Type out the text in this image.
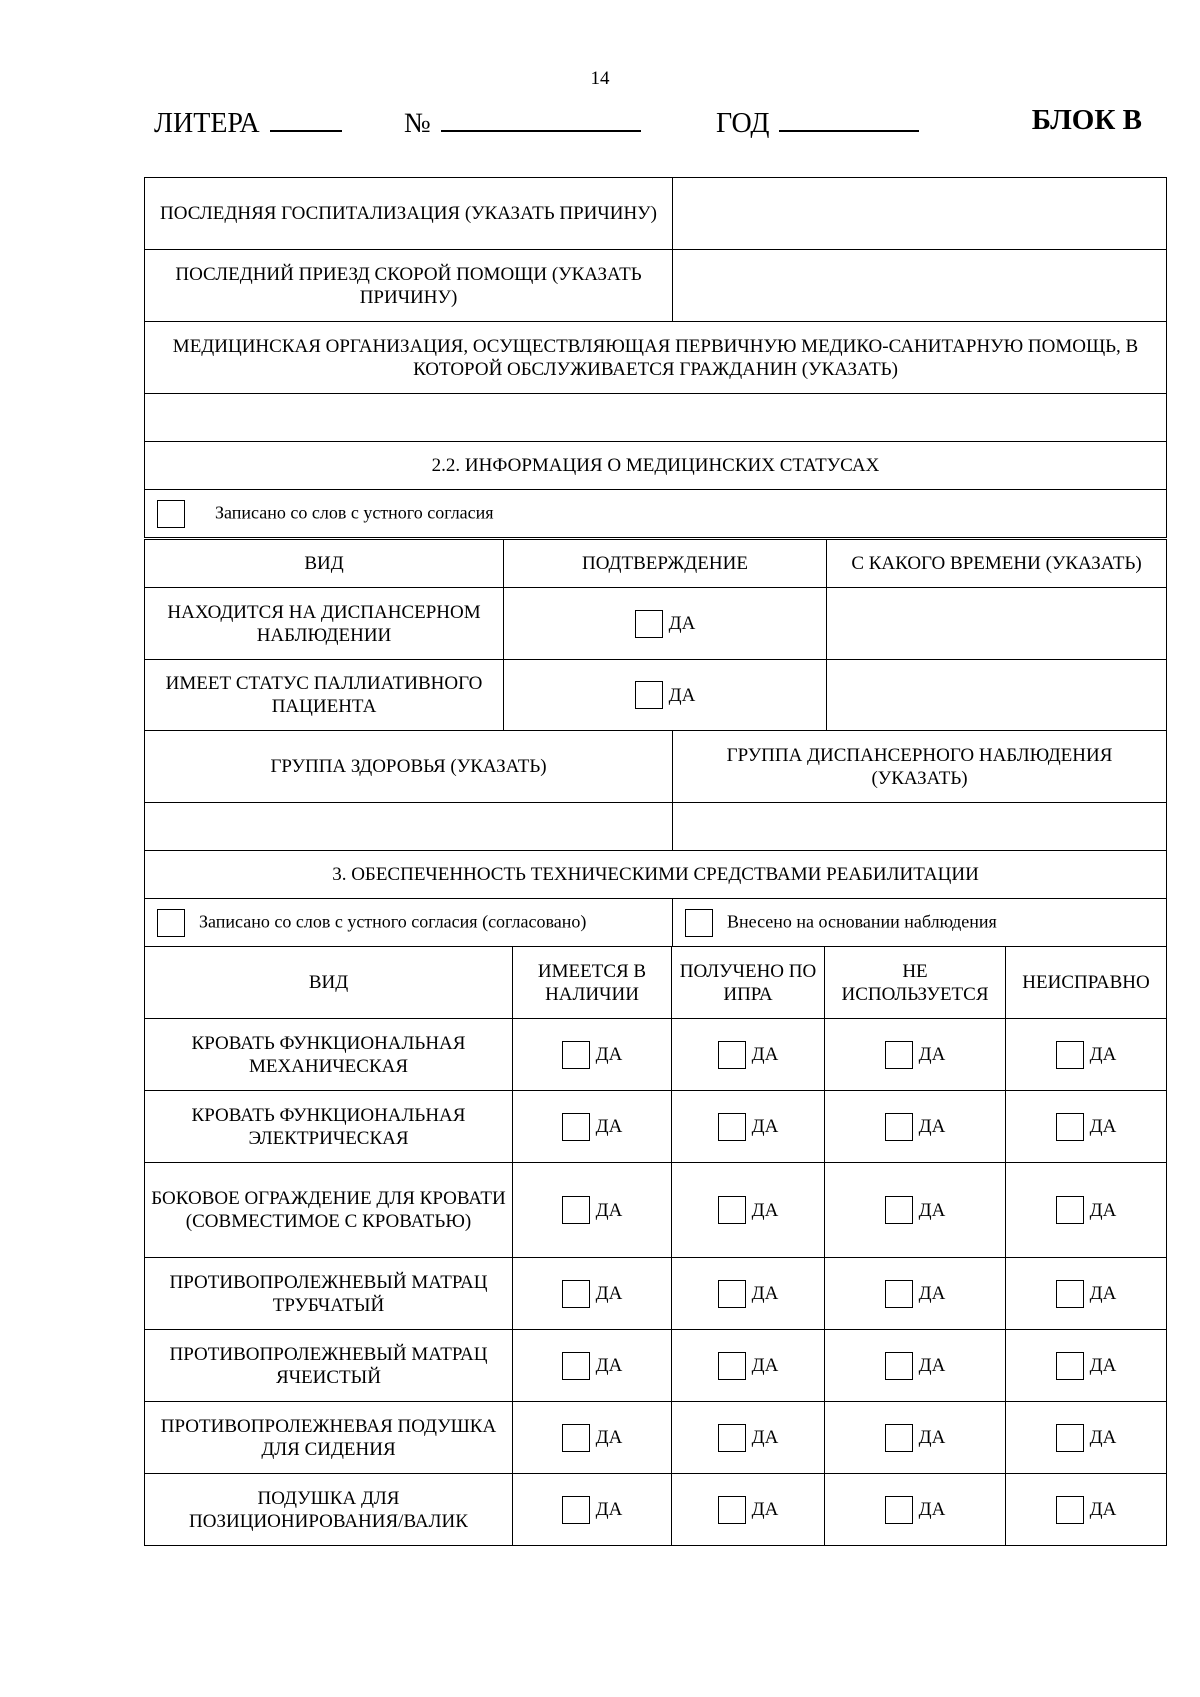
14
ЛИТЕРА	№	ГОД	БЛОК В
ПОСЛЕДНЯЯ ГОСПИТАЛИЗАЦИЯ (УКАЗАТЬ ПРИЧИНУ)	
ПОСЛЕДНИЙ ПРИЕЗД СКОРОЙ ПОМОЩИ (УКАЗАТЬ ПРИЧИНУ)	
МЕДИЦИНСКАЯ ОРГАНИЗАЦИЯ, ОСУЩЕСТВЛЯЮЩАЯ ПЕРВИЧНУЮ МЕДИКО-САНИТАРНУЮ ПОМОЩЬ, В КОТОРОЙ ОБСЛУЖИВАЕТСЯ ГРАЖДАНИН (УКАЗАТЬ)	

2.2. ИНФОРМАЦИЯ О МЕДИЦИНСКИХ СТАТУСАХ	
Записано со слов с устного согласия	
ВИД	ПОДТВЕРЖДЕНИЕ	С КАКОГО ВРЕМЕНИ (УКАЗАТЬ)
НАХОДИТСЯ НА ДИСПАНСЕРНОМ НАБЛЮДЕНИИ	ДА	
ИМЕЕТ СТАТУС ПАЛЛИАТИВНОГО ПАЦИЕНТА	ДА	
ГРУППА ЗДОРОВЬЯ (УКАЗАТЬ)	ГРУППА ДИСПАНСЕРНОГО НАБЛЮДЕНИЯ (УКАЗАТЬ)

3. ОБЕСПЕЧЕННОСТЬ ТЕХНИЧЕСКИМИ СРЕДСТВАМИ РЕАБИЛИТАЦИИ	
Записано со слов с устного согласия (согласовано)	Внесено на основании наблюдения
ВИД	ИМЕЕТСЯ В НАЛИЧИИ	ПОЛУЧЕНО ПО ИПРА	НЕ ИСПОЛЬЗУЕТСЯ	НЕИСПРАВНО
КРОВАТЬ ФУНКЦИОНАЛЬНАЯ МЕХАНИЧЕСКАЯ	ДА	ДА	ДА	ДА
КРОВАТЬ ФУНКЦИОНАЛЬНАЯ ЭЛЕКТРИЧЕСКАЯ	ДА	ДА	ДА	ДА
БОКОВОЕ ОГРАЖДЕНИЕ ДЛЯ КРОВАТИ (СОВМЕСТИМОЕ С КРОВАТЬЮ)	ДА	ДА	ДА	ДА
ПРОТИВОПРОЛЕЖНЕВЫЙ МАТРАЦ ТРУБЧАТЫЙ	ДА	ДА	ДА	ДА
ПРОТИВОПРОЛЕЖНЕВЫЙ МАТРАЦ ЯЧЕИСТЫЙ	ДА	ДА	ДА	ДА
ПРОТИВОПРОЛЕЖНЕВАЯ ПОДУШКА ДЛЯ СИДЕНИЯ	ДА	ДА	ДА	ДА
ПОДУШКА ДЛЯ ПОЗИЦИОНИРОВАНИЯ/ВАЛИК	ДА	ДА	ДА	ДА
